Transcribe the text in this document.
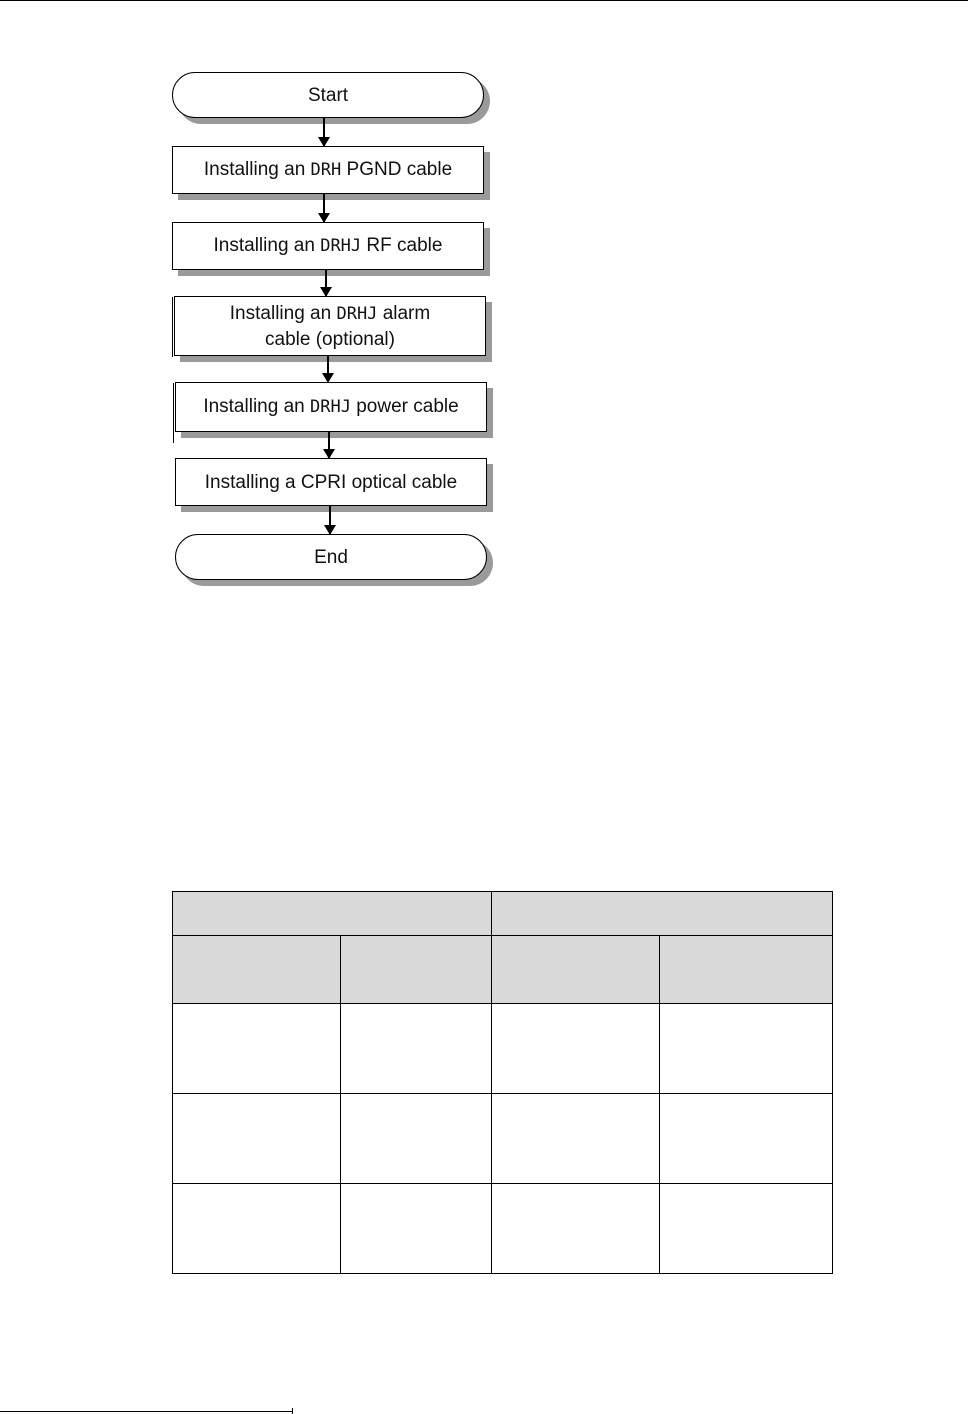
Start
Installing an DRH PGND cable
Installing an DRHJ RF cable
Installing an DRHJ alarm
cable (optional)
Installing an DRHJ power cable
Installing a CPRI optical cable
End
